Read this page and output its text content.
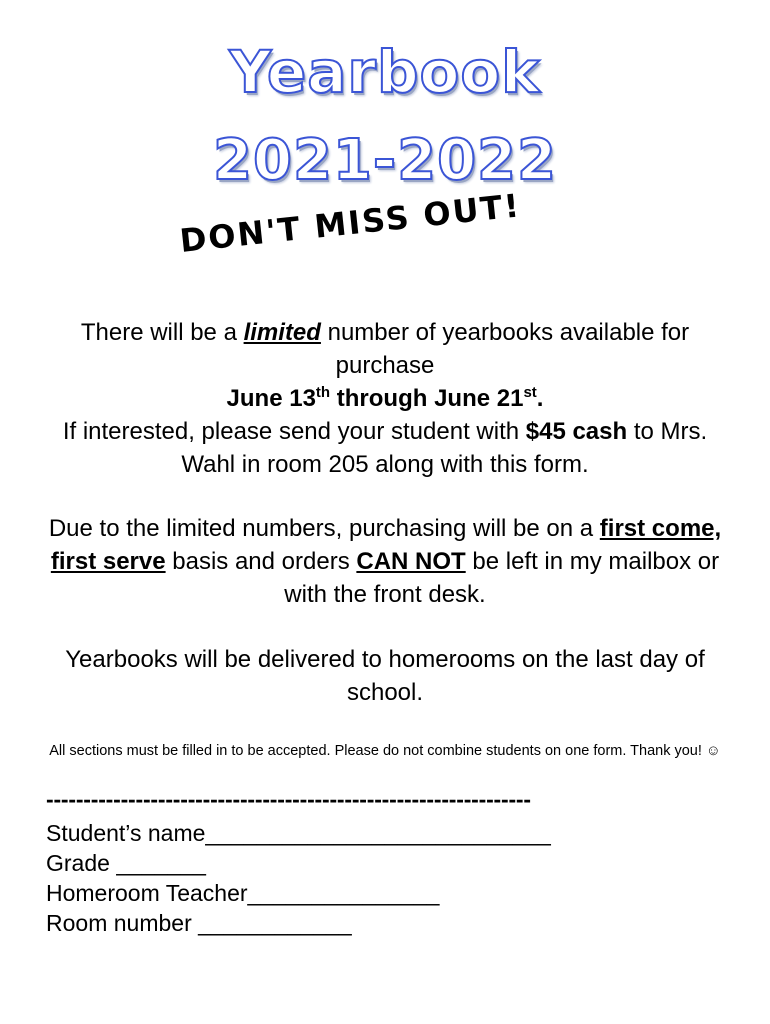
Yearbook
2021-2022
DON'T MISS OUT!
There will be a limited number of yearbooks available for purchase
June 13th through June 21st.
If interested, please send your student with $45 cash to Mrs. Wahl in room 205 along with this form.
Due to the limited numbers, purchasing will be on a first come, first serve basis and orders CAN NOT be left in my mailbox or with the front desk.
Yearbooks will be delivered to homerooms on the last day of school.
All sections must be filled in to be accepted. Please do not combine students on one form. Thank you! ☺
-----------------------------------------------------------------
Student’s name___________________________
Grade _______
Homeroom Teacher_______________
Room number ____________
